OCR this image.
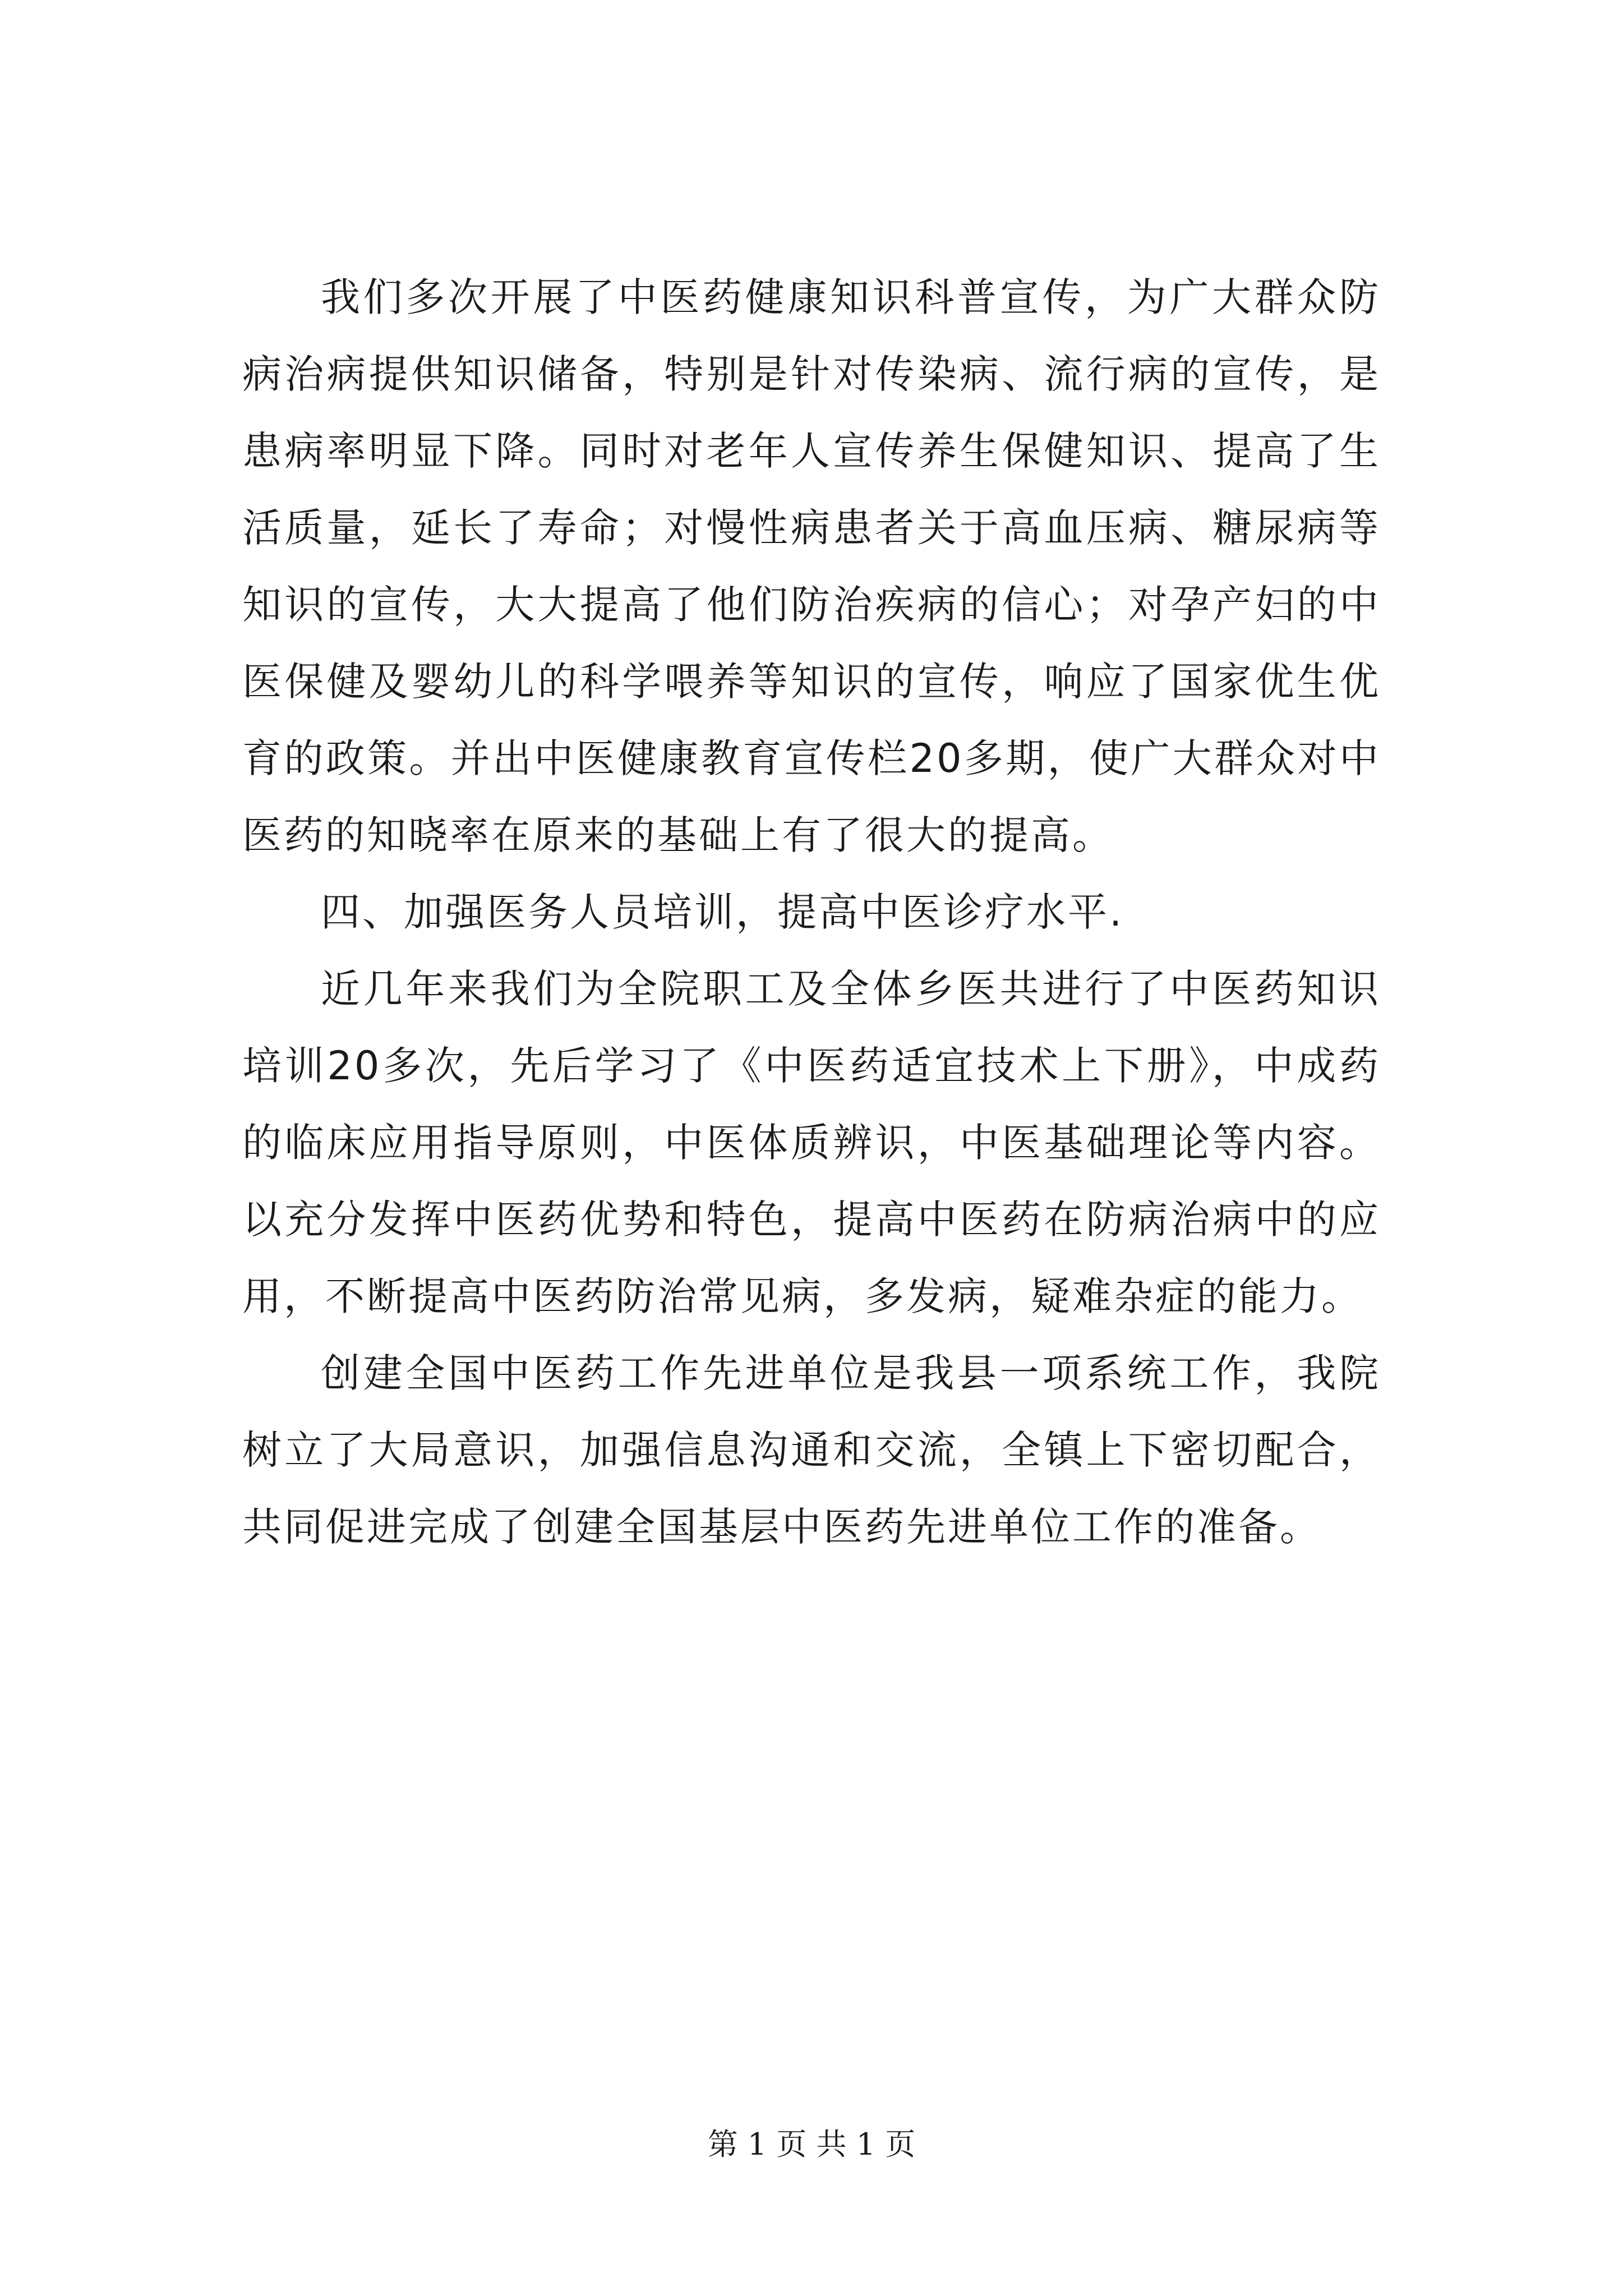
我们多次开展了中医药健康知识科普宣传，为广大群众防病治病提供知识储备，特别是针对传染病、流行病的宣传，是患病率明显下降。同时对老年人宣传养生保健知识、提高了生活质量，延长了寿命；对慢性病患者关于高血压病、糖尿病等知识的宣传，大大提高了他们防治疾病的信心；对孕产妇的中医保健及婴幼儿的科学喂养等知识的宣传，响应了国家优生优育的政策。并出中医健康教育宣传栏20多期，使广大群众对中医药的知晓率在原来的基础上有了很大的提高。

四、加强医务人员培训，提高中医诊疗水平.

近几年来我们为全院职工及全体乡医共进行了中医药知识培训20多次，先后学习了《中医药适宜技术上下册》，中成药的临床应用指导原则，中医体质辨识，中医基础理论等内容。以充分发挥中医药优势和特色，提高中医药在防病治病中的应用，不断提高中医药防治常见病，多发病，疑难杂症的能力。

创建全国中医药工作先进单位是我县一项系统工作，我院树立了大局意识，加强信息沟通和交流，全镇上下密切配合，共同促进完成了创建全国基层中医药先进单位工作的准备。

第 1 页 共 1 页
